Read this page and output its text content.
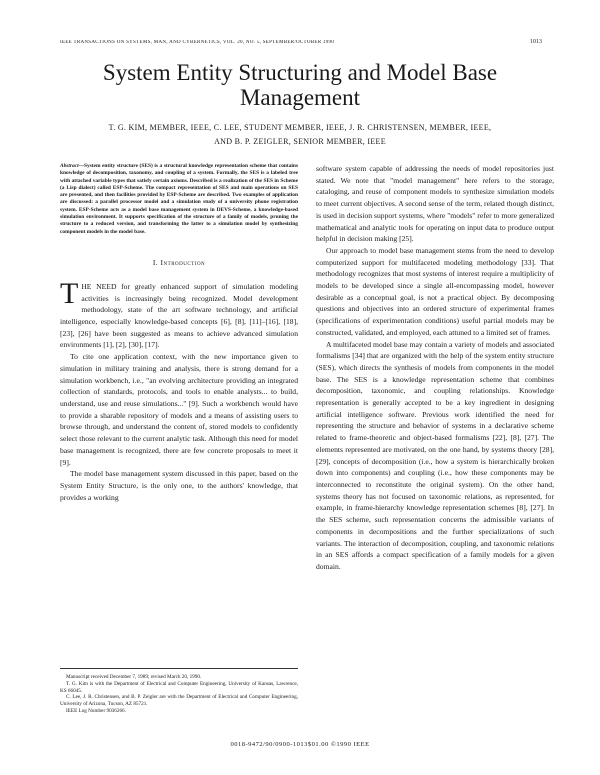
IEEE TRANSACTIONS ON SYSTEMS, MAN, AND CYBERNETICS, VOL. 20, NO. 5, SEPTEMBER/OCTOBER 1990	1013
System Entity Structuring and Model Base Management
T. G. KIM, MEMBER, IEEE, C. LEE, STUDENT MEMBER, IEEE, J. R. CHRISTENSEN, MEMBER, IEEE,
AND B. P. ZEIGLER, SENIOR MEMBER, IEEE

Abstract—System entity structure (SES) is a structural knowledge representation scheme that contains knowledge of decomposition, taxonomy, and coupling of a system. Formally, the SES is a labeled tree with attached variable types that satisfy certain axioms. Described is a realization of the SES in Scheme (a Lisp dialect) called ESP-Scheme. The compact representation of SES and main operations on SES are presented, and then facilities provided by ESP-Scheme are described. Two examples of application are discussed: a parallel processor model and a simulation study of a university phone registration system. ESP-Scheme acts as a model base management system in DEVS-Scheme, a knowledge-based simulation environment. It supports specification of the structure of a family of models, pruning the structure to a reduced version, and transforming the latter to a simulation model by synthesizing component models in the model base.

I. Introduction

THE NEED for greatly enhanced support of simulation modeling activities is increasingly being recognized. Model development methodology, state of the art software technology, and artificial intelligence, especially knowledge-based concepts [6], [8], [11]–[16], [18], [23], [26] have been suggested as means to achieve advanced simulation environments [1], [2], [30], [17].

To cite one application context, with the new importance given to simulation in military training and analysis, there is strong demand for a simulation workbench, i.e., "an evolving architecture providing an integrated collection of standards, protocols, and tools to enable analysts... to build, understand, use and reuse simulations..." [9]. Such a workbench would have to provide a sharable repository of models and a means of assisting users to browse through, and understand the content of, stored models to confidently select those relevant to the current analytic task. Although this need for model base management is recognized, there are few concrete proposals to meet it [9].

The model base management system discussed in this paper, based on the System Entity Structure, is the only one, to the authors' knowledge, that provides a working

software system capable of addressing the needs of model repositories just stated. We note that "model management" here refers to the storage, cataloging, and reuse of component models to synthesize simulation models to meet current objectives. A second sense of the term, related though distinct, is used in decision support systems, where "models" refer to more generalized mathematical and analytic tools for operating on input data to produce output helpful in decision making [25].

Our approach to model base management stems from the need to develop computerized support for multifaceted modeling methodology [33]. That methodology recognizes that most systems of interest require a multiplicity of models to be developed since a single all-encompassing model, however desirable as a conceptual goal, is not a practical object. By decomposing questions and objectives into an ordered structure of experimental frames (specifications of experimentation conditions) useful partial models may be constructed, validated, and employed, each attuned to a limited set of frames.

A multifaceted model base may contain a variety of models and associated formalisms [34] that are organized with the help of the system entity structure (SES), which directs the synthesis of models from components in the model base. The SES is a knowledge representation scheme that combines decomposition, taxonomic, and coupling relationships. Knowledge representation is generally accepted to be a key ingredient in designing artificial intelligence software. Previous work identified the need for representing the structure and behavior of systems in a declarative scheme related to frame-theoretic and object-based formalisms [22], [8], [27]. The elements represented are motivated, on the one hand, by systems theory [28], [29], concepts of decomposition (i.e., how a system is hierarchically broken down into components) and coupling (i.e., how these components may be interconnected to reconstitute the original system). On the other hand, systems theory has not focused on taxonomic relations, as represented, for example, in frame-hierarchy knowledge representation schemes [8], [27]. In the SES scheme, such representation concerns the admissible variants of components in decompositions and the further specializations of such variants. The interaction of decomposition, coupling, and taxonomic relations in an SES affords a compact specification of a family models for a given domain.

Manuscript received December 7, 1989; revised March 20, 1990.

T. G. Kim is with the Department of Electrical and Computer Engineering, University of Kansas, Lawrence, KS 66045.

C. Lee, J. R. Christensen, and B. P. Zeigler are with the Department of Electrical and Computer Engineering, University of Arizona, Tucson, AZ 85721.

IEEE Log Number 9036266.

0018-9472/90/0900-1013$01.00 ©1990 IEEE
